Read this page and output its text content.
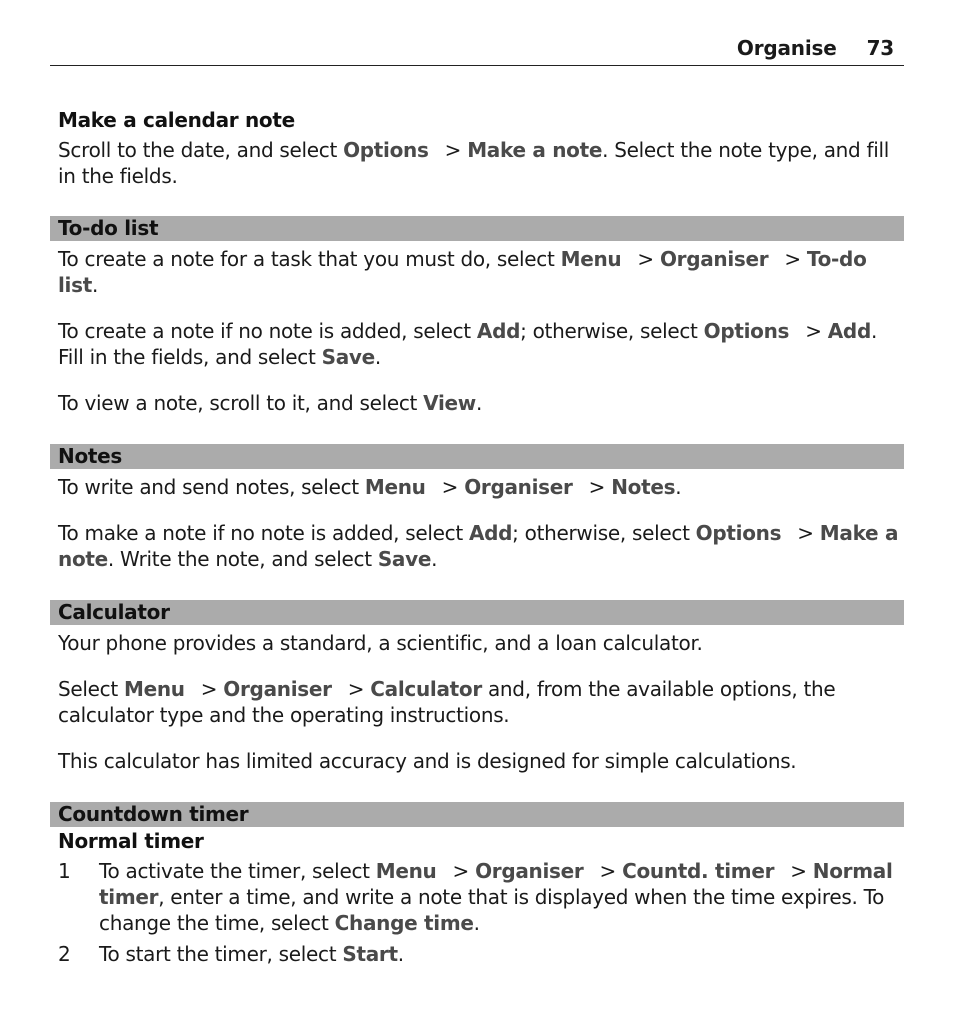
Organise 73
Make a calendar note

Scroll to the date, and select Options > Make a note. Select the note type, and fill in the fields.

To-do list

To create a note for a task that you must do, select Menu > Organiser > To-do list.

To create a note if no note is added, select Add; otherwise, select Options > Add. Fill in the fields, and select Save.

To view a note, scroll to it, and select View.

Notes

To write and send notes, select Menu > Organiser > Notes.

To make a note if no note is added, select Add; otherwise, select Options > Make a note. Write the note, and select Save.

Calculator

Your phone provides a standard, a scientific, and a loan calculator.

Select Menu > Organiser > Calculator and, from the available options, the calculator type and the operating instructions.

This calculator has limited accuracy and is designed for simple calculations.

Countdown timer
Normal timer
1 To activate the timer, select Menu > Organiser > Countd. timer > Normal timer, enter a time, and write a note that is displayed when the time expires. To change the time, select Change time.
2 To start the timer, select Start.
